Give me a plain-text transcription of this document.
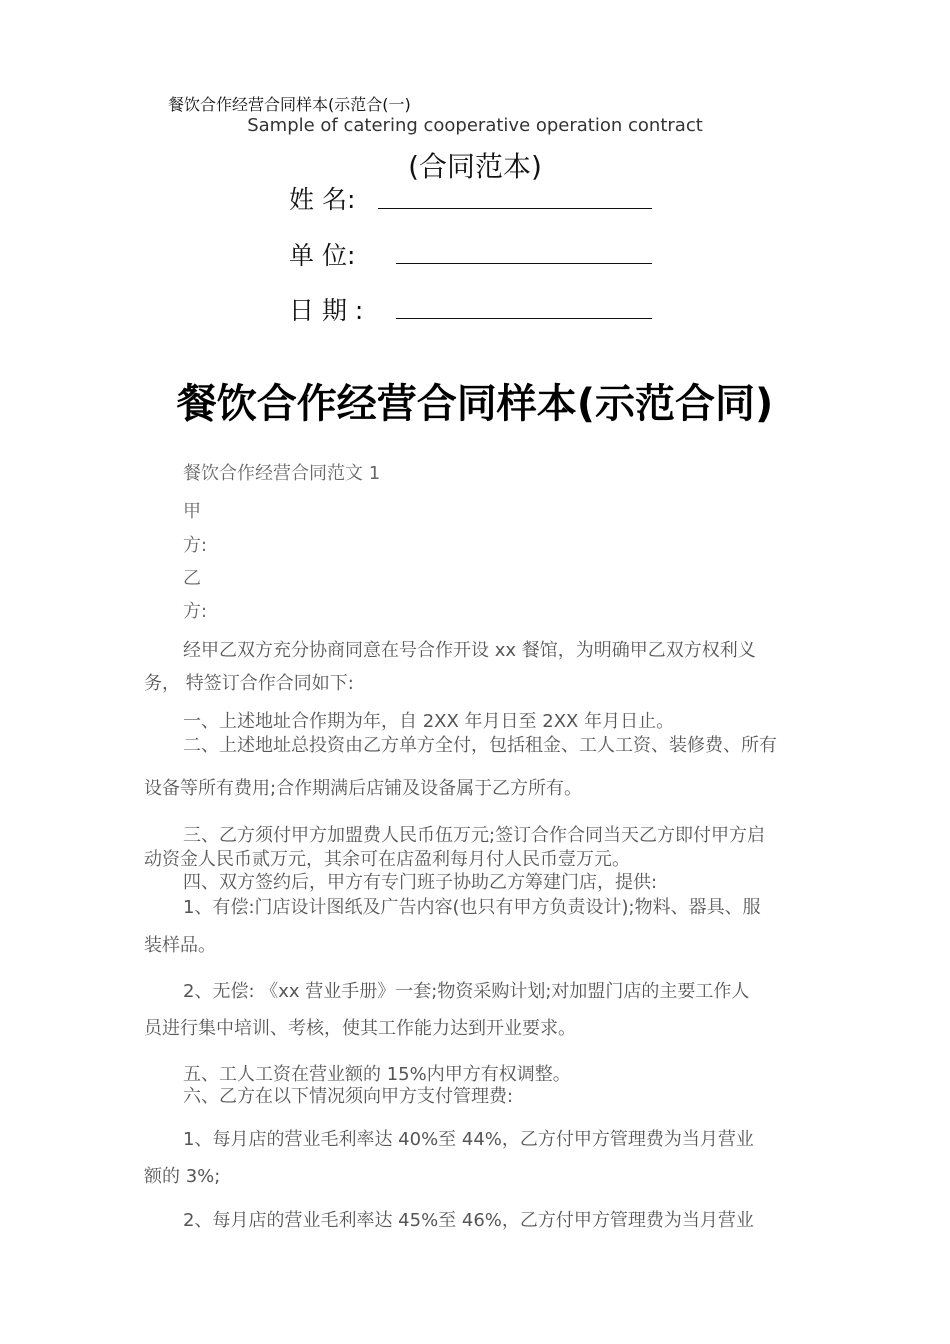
餐饮合作经营合同样本(示范合(一)
Sample of catering cooperative operation contract
(合同范本)
姓 名:
单 位:
日 期 :
餐饮合作经营合同样本(示范合同)
餐饮合作经营合同范文 1
甲
方:
乙
方:
经甲乙双方充分协商同意在号合作开设 xx 餐馆，为明确甲乙双方权利义
务， 特签订合作合同如下:
一、上述地址合作期为年，自 2XX 年月日至 2XX 年月日止。
二、上述地址总投资由乙方单方全付，包括租金、工人工资、装修费、所有
设备等所有费用;合作期满后店铺及设备属于乙方所有。
三、乙方须付甲方加盟费人民币伍万元;签订合作合同当天乙方即付甲方启
动资金人民币贰万元，其余可在店盈利每月付人民币壹万元。
四、双方签约后，甲方有专门班子协助乙方筹建门店，提供:
1、有偿:门店设计图纸及广告内容(也只有甲方负责设计);物料、器具、服
装样品。
2、无偿: 《xx 营业手册》一套;物资采购计划;对加盟门店的主要工作人
员进行集中培训、考核，使其工作能力达到开业要求。
五、工人工资在营业额的 15%内甲方有权调整。
六、乙方在以下情况须向甲方支付管理费:
1、每月店的营业毛利率达 40%至 44%，乙方付甲方管理费为当月营业
额的 3%;
2、每月店的营业毛利率达 45%至 46%，乙方付甲方管理费为当月营业
